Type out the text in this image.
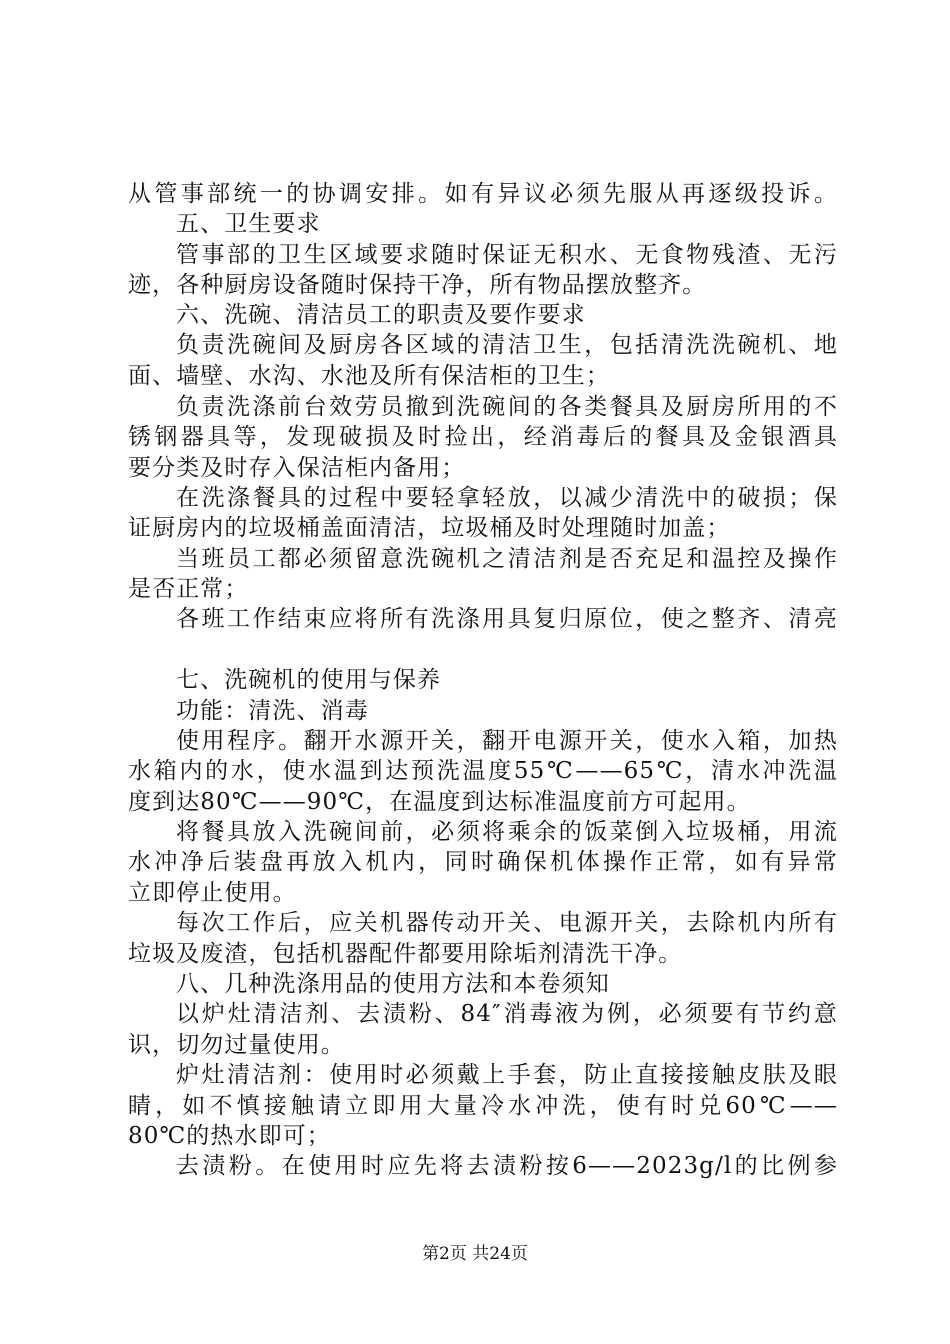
从管事部统一的协调安排。如有异议必须先服从再逐级投诉。
五、卫生要求
管事部的卫生区域要求随时保证无积水、无食物残渣、无污
迹，各种厨房设备随时保持干净，所有物品摆放整齐。
六、洗碗、清洁员工的职责及要作要求
负责洗碗间及厨房各区域的清洁卫生，包括清洗洗碗机、地
面、墙壁、水沟、水池及所有保洁柜的卫生；
负责洗涤前台效劳员撤到洗碗间的各类餐具及厨房所用的不
锈钢器具等，发现破损及时捡出，经消毒后的餐具及金银酒具
要分类及时存入保洁柜内备用；
在洗涤餐具的过程中要轻拿轻放，以减少清洗中的破损；保
证厨房内的垃圾桶盖面清洁，垃圾桶及时处理随时加盖；
当班员工都必须留意洗碗机之清洁剂是否充足和温控及操作
是否正常；
各班工作结束应将所有洗涤用具复归原位，使之整齐、清亮
七、洗碗机的使用与保养
功能：清洗、消毒
使用程序。翻开水源开关，翻开电源开关，使水入箱，加热
水箱内的水，使水温到达预洗温度55℃——65℃，清水冲洗温
度到达80℃——90℃，在温度到达标准温度前方可起用。
将餐具放入洗碗间前，必须将乘余的饭菜倒入垃圾桶，用流
水冲净后装盘再放入机内，同时确保机体操作正常，如有异常
立即停止使用。
每次工作后，应关机器传动开关、电源开关，去除机内所有
垃圾及废渣，包括机器配件都要用除垢剂清洗干净。
八、几种洗涤用品的使用方法和本卷须知
以炉灶清洁剂、去渍粉、84″消毒液为例，必须要有节约意
识，切勿过量使用。
炉灶清洁剂：使用时必须戴上手套，防止直接接触皮肤及眼
睛，如不慎接触请立即用大量冷水冲洗，使有时兑60℃——
80℃的热水即可；
去渍粉。在使用时应先将去渍粉按6——2023g/l的比例参
第2页 共24页
